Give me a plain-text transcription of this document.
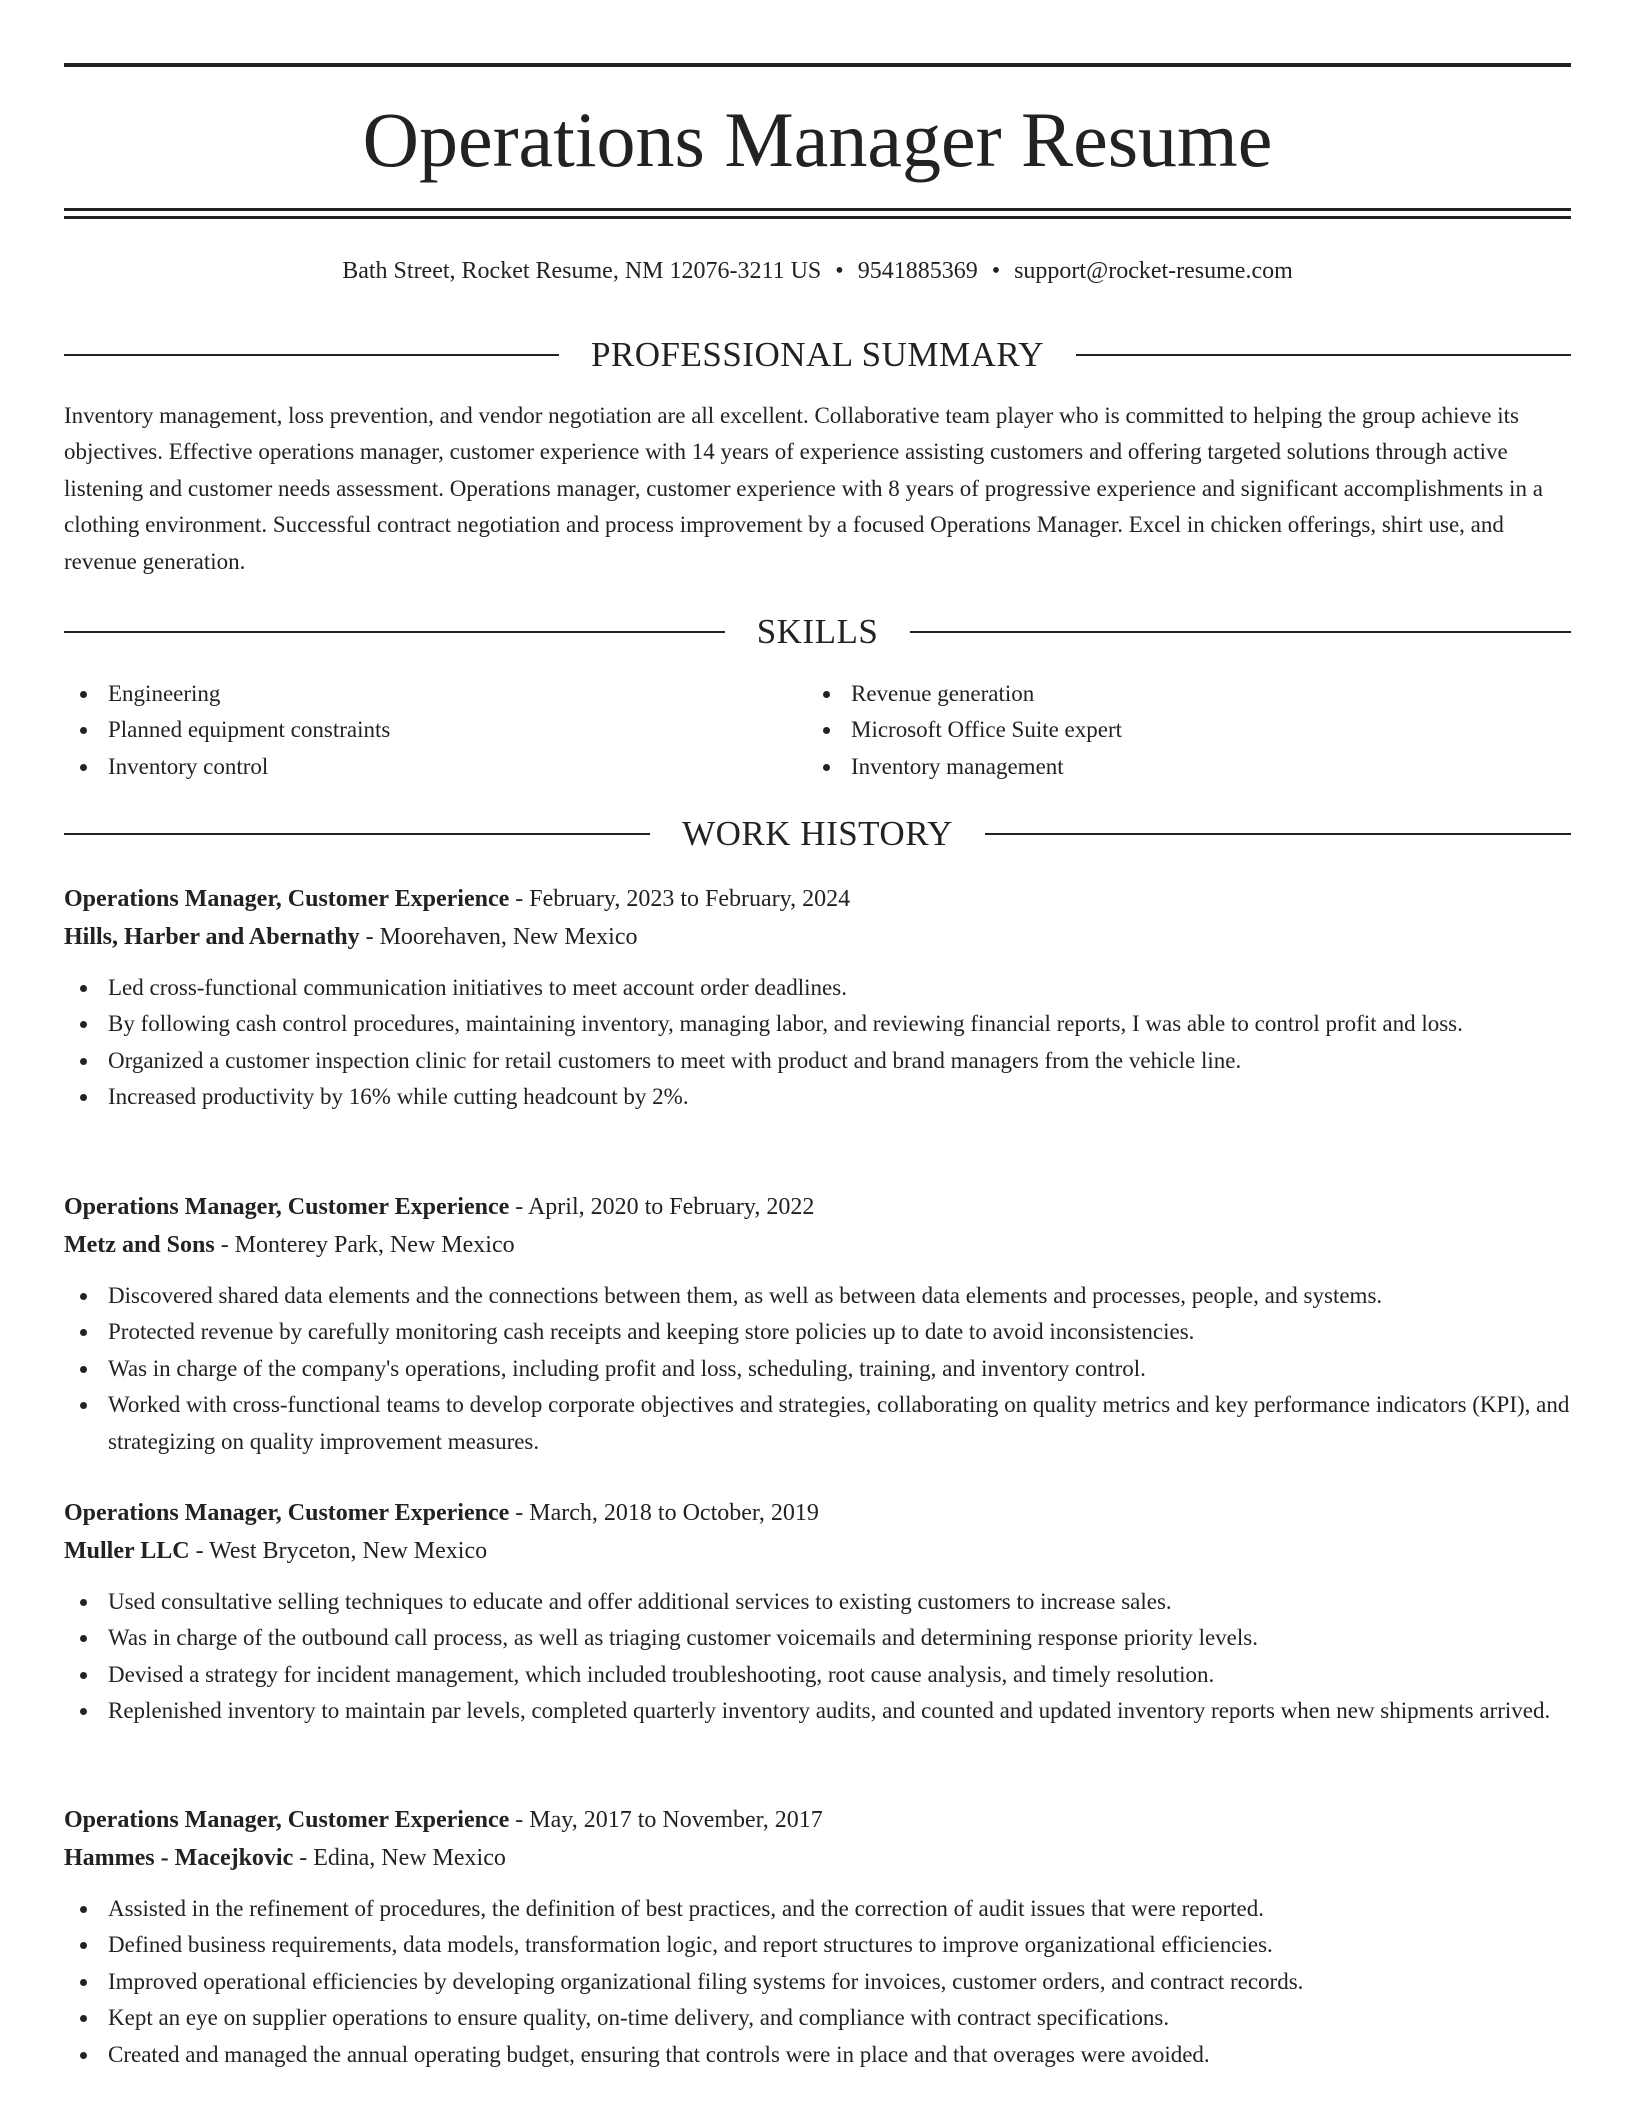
Operations Manager Resume
Bath Street, Rocket Resume, NM 12076-3211 US • 9541885369 • support@rocket-resume.com
PROFESSIONAL SUMMARY

Inventory management, loss prevention, and vendor negotiation are all excellent. Collaborative team player who is committed to helping the group achieve its objectives. Effective operations manager, customer experience with 14 years of experience assisting customers and offering targeted solutions through active listening and customer needs assessment. Operations manager, customer experience with 8 years of progressive experience and significant accomplishments in a clothing environment. Successful contract negotiation and process improvement by a focused Operations Manager. Excel in chicken offerings, shirt use, and revenue generation.

SKILLS
Engineering
Planned equipment constraints
Inventory control
Revenue generation
Microsoft Office Suite expert
Inventory management
WORK HISTORY
Operations Manager, Customer Experience - February, 2023 to February, 2024
Hills, Harber and Abernathy - Moorehaven, New Mexico
Led cross-functional communication initiatives to meet account order deadlines.
By following cash control procedures, maintaining inventory, managing labor, and reviewing financial reports, I was able to control profit and loss.
Organized a customer inspection clinic for retail customers to meet with product and brand managers from the vehicle line.
Increased productivity by 16% while cutting headcount by 2%.
Operations Manager, Customer Experience - April, 2020 to February, 2022
Metz and Sons - Monterey Park, New Mexico
Discovered shared data elements and the connections between them, as well as between data elements and processes, people, and systems.
Protected revenue by carefully monitoring cash receipts and keeping store policies up to date to avoid inconsistencies.
Was in charge of the company's operations, including profit and loss, scheduling, training, and inventory control.
Worked with cross-functional teams to develop corporate objectives and strategies, collaborating on quality metrics and key performance indicators (KPI), and strategizing on quality improvement measures.
Operations Manager, Customer Experience - March, 2018 to October, 2019
Muller LLC - West Bryceton, New Mexico
Used consultative selling techniques to educate and offer additional services to existing customers to increase sales.
Was in charge of the outbound call process, as well as triaging customer voicemails and determining response priority levels.
Devised a strategy for incident management, which included troubleshooting, root cause analysis, and timely resolution.
Replenished inventory to maintain par levels, completed quarterly inventory audits, and counted and updated inventory reports when new shipments arrived.
Operations Manager, Customer Experience - May, 2017 to November, 2017
Hammes - Macejkovic - Edina, New Mexico
Assisted in the refinement of procedures, the definition of best practices, and the correction of audit issues that were reported.
Defined business requirements, data models, transformation logic, and report structures to improve organizational efficiencies.
Improved operational efficiencies by developing organizational filing systems for invoices, customer orders, and contract records.
Kept an eye on supplier operations to ensure quality, on-time delivery, and compliance with contract specifications.
Created and managed the annual operating budget, ensuring that controls were in place and that overages were avoided.
